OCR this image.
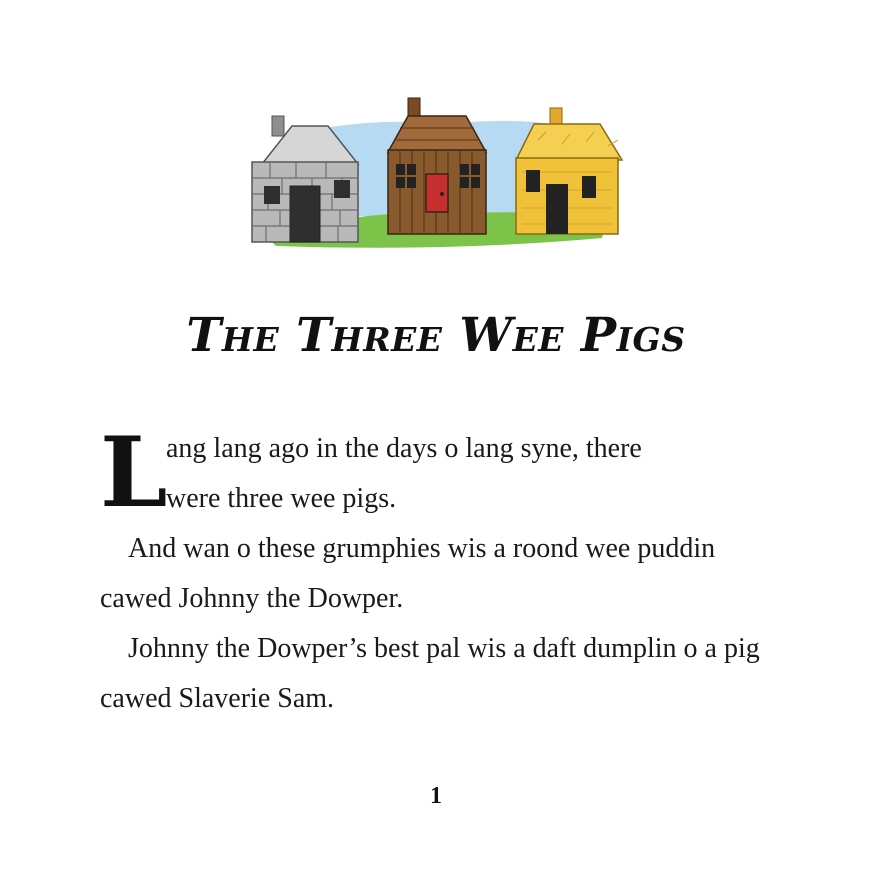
The Three Wee Pigs
L
ang lang ago in the days o lang syne, there
were three wee pigs.

And wan o these grumphies wis a roond wee puddin cawed Johnny the Dowper.

Johnny the Dowper’s best pal wis a daft dumplin o a pig cawed Slaverie Sam.

1
